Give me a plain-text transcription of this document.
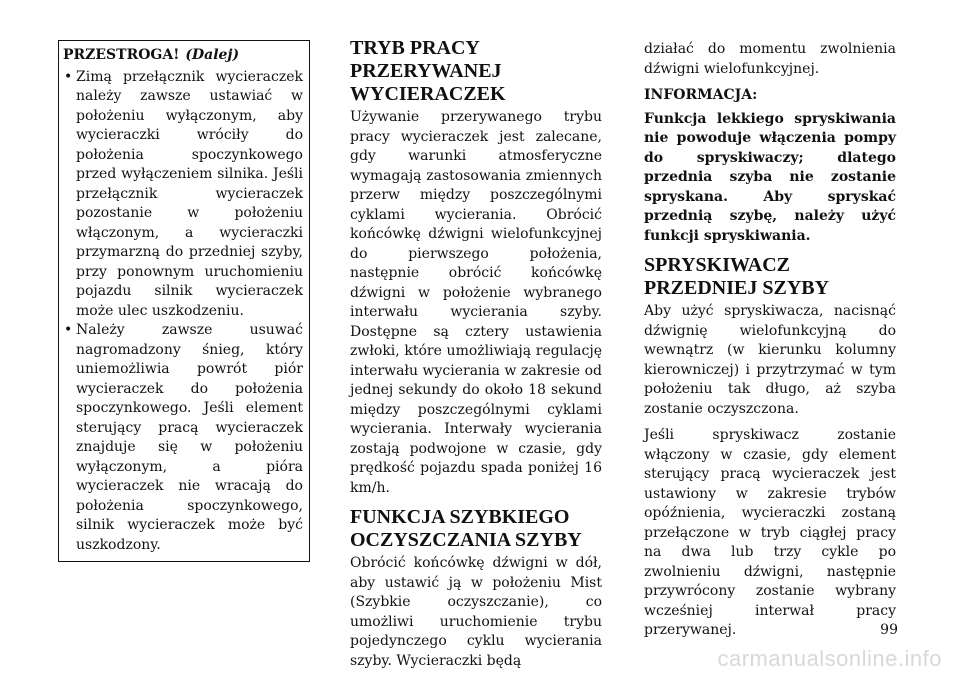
PRZESTROGA! (Dalej)

• Zimą przełącznik wycieraczek należy zawsze ustawiać w położeniu wyłączonym, aby wycieraczki wróciły do położenia spoczynkowego przed wyłączeniem silnika. Jeśli przełącznik wycieraczek pozostanie w położeniu włączonym, a wycieraczki przymarzną do przedniej szyby, przy ponownym uruchomieniu pojazdu silnik wycieraczek może ulec uszkodzeniu.

• Należy zawsze usuwać nagromadzony śnieg, który uniemożliwia powrót piór wycieraczek do położenia spoczynkowego. Jeśli element sterujący pracą wycieraczek znajduje się w położeniu wyłączonym, a pióra wycieraczek nie wracają do położenia spoczynkowego, silnik wycieraczek może być uszkodzony.

TRYB PRACY PRZERYWANEJ WYCIERACZEK

Używanie przerywanego trybu pracy wycieraczek jest zalecane, gdy warunki atmosferyczne wymagają zastosowania zmiennych przerw między poszczególnymi cyklami wycierania. Obrócić końcówkę dźwigni wielofunkcyjnej do pierwszego położenia, następnie obrócić końcówkę dźwigni w położenie wybranego interwału wycierania szyby. Dostępne są cztery ustawienia zwłoki, które umożliwiają regulację interwału wycierania w zakresie od jednej sekundy do około 18 sekund między poszczególnymi cyklami wycierania. Interwały wycierania zostają podwojone w czasie, gdy prędkość pojazdu spada poniżej 16 km/h.

FUNKCJA SZYBKIEGO OCZYSZCZANIA SZYBY

Obrócić końcówkę dźwigni w dół, aby ustawić ją w położeniu Mist (Szybkie oczyszczanie), co umożliwi uruchomienie trybu pojedynczego cyklu wycierania szyby. Wycieraczki będą

działać do momentu zwolnienia dźwigni wielofunkcyjnej.

INFORMACJA:

Funkcja lekkiego spryskiwania nie powoduje włączenia pompy do spryskiwaczy; dlatego przednia szyba nie zostanie spryskana. Aby spryskać przednią szybę, należy użyć funkcji spryskiwania.

SPRYSKIWACZ PRZEDNIEJ SZYBY

Aby użyć spryskiwacza, nacisnąć dźwignię wielofunkcyjną do wewnątrz (w kierunku kolumny kierowniczej) i przytrzymać w tym położeniu tak długo, aż szyba zostanie oczyszczona.

Jeśli spryskiwacz zostanie włączony w czasie, gdy element sterujący pracą wycieraczek jest ustawiony w zakresie trybów opóźnienia, wycieraczki zostaną przełączone w tryb ciągłej pracy na dwa lub trzy cykle po zwolnieniu dźwigni, następnie przywrócony zostanie wybrany wcześniej interwał pracy przerywanej.	99
carmanualsonline.info
